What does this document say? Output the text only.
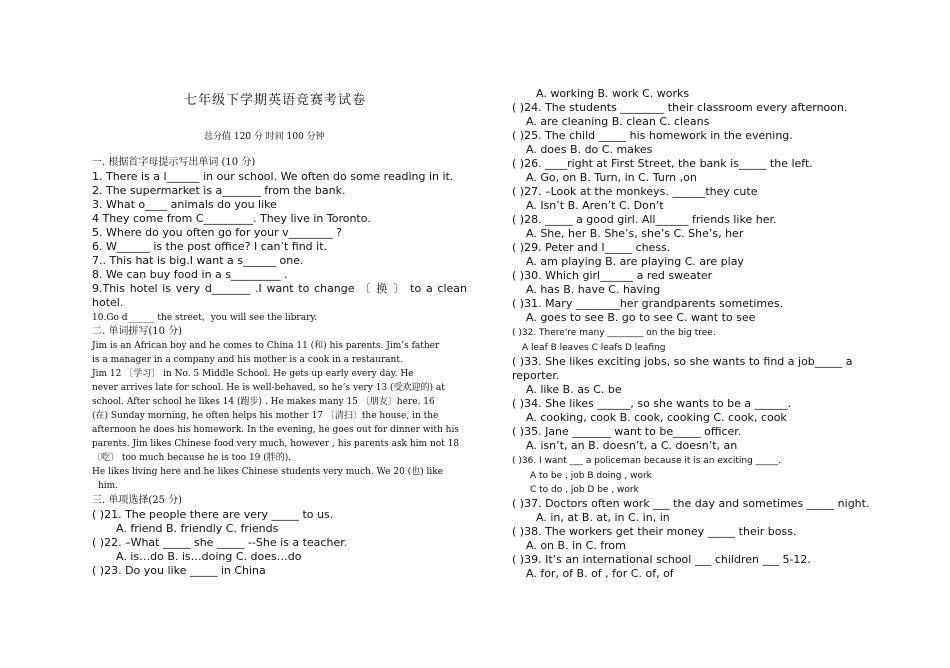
七年级下学期英语竞赛考试卷
总分值 120 分 时间 100 分钟
一. 根据首字母提示写出单词 (10 分)
1. There is a l______ in our school. We often do some reading in it.
2. The supermarket is a_______ from the bank.
3. What o____ animals do you like
4 They come from C_________. They live in Toronto.
5. Where do you often go for your v________ ?
6. W______ is the post office? I can’t find it.
7.. This hat is big.I want a s______ one.
8. We can buy food in a s_________ .
9.This hotel is very d_______ .I want to change 〔 换 〕 to a clean
hotel.
10.Go d______ the street，you will see the library.
二. 单词拼写(10 分)
Jim is an African boy and he comes to China 11 (和) his parents. Jim’s father
is a manager in a company and his mother is a cook in a restaurant.
Jim 12 〔学习〕 in No. 5 Middle School. He gets up early every day. He
never arrives late for school. He is well-behaved, so he’s very 13 (受欢迎的) at
school. After school he likes 14 (跑步) . He makes many 15 〔朋友〕here. 16
(在) Sunday morning, he often helps his mother 17 〔清扫〕the house, in the
afternoon he does his homework. In the evening, he goes out for dinner with his
parents. Jim likes Chinese food very much, however , his parents ask him not 18
〔吃〕 too much because he is too 19 (胖的).
He likes living here and he likes Chinese students very much. We 20 (也) like
him.
三. 单项选择(25 分)
( )21. The people there are very _____ to us.
A. friend B. friendly C. friends
( )22. –What _____ she _____ --She is a teacher.
A. is…do B. is…doing C. does…do
( )23. Do you like _____ in China
A. working B. work C. works
( )24. The students ________ their classroom every afternoon.
A. are cleaning B. clean C. cleans
( )25. The child _____ his homework in the evening.
A. does B. do C. makes
( )26. ____right at First Street, the bank is_____ the left.
A. Go, on B. Turn, in C. Turn ,on
( )27. –Look at the monkeys. ______they cute
A. Isn’t B. Aren’t C. Don’t
( )28. _____ a good girl. All______ friends like her.
A. She, her B. She’s, she’s C. She’s, her
( )29. Peter and I_____ chess.
A. am playing B. are playing C. are play
( )30. Which girl______ a red sweater
A. has B. have C. having
( )31. Mary ________her grandparents sometimes.
A. goes to see B. go to see C. want to see
( )32. There're many ________ on the big tree.
A leaf B leaves C leafs D leafing
( )33. She likes exciting jobs, so she wants to find a job_____ a
reporter.
A. like B. as C. be
( )34. She likes ______, so she wants to be a ______.
A. cooking, cook B. cook, cooking C. cook, cook
( )35. Jane _______ want to be_____ officer.
A. isn’t, an B. doesn’t, a C. doesn’t, an
( )36. I want ___ a policeman because it is an exciting _____.
A to be , job B doing , work
C to do , job D be , work
( )37. Doctors often work ___ the day and sometimes _____ night.
A. in, at B. at, in C. in, in
( )38. The workers get their money _____ their boss.
A. on B. in C. from
( )39. It’s an international school ___ children ___ 5-12.
A. for, of B. of , for C. of, of
